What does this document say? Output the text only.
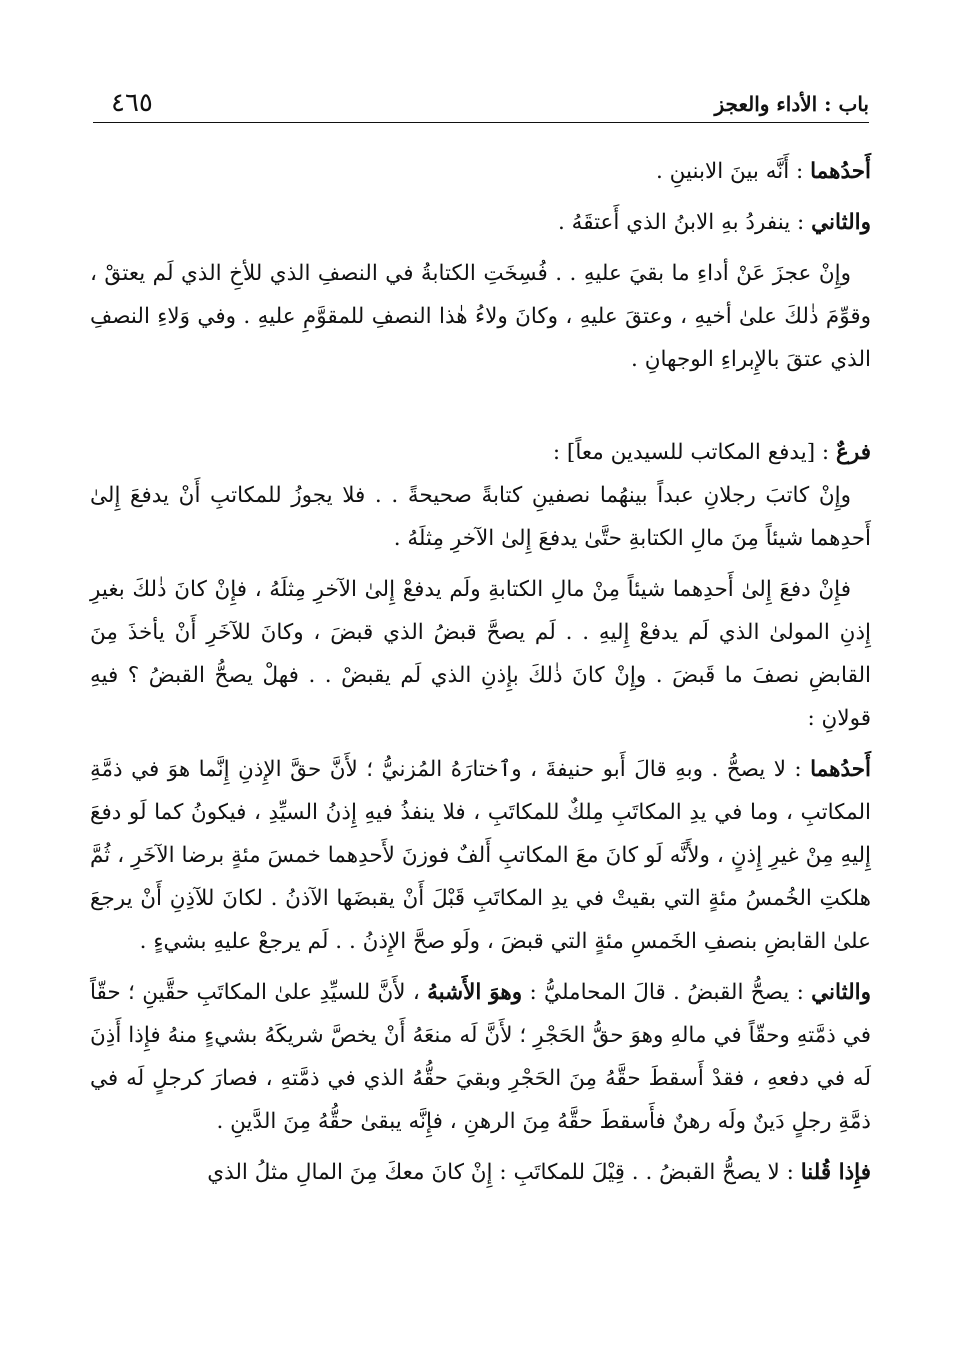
باب : الأداء والعجز
٤٦٥

أَحدُهما : أَنَّه بينَ الابنينِ .

والثاني : ينفردُ بهِ الابنُ الذي أَعتقَهُ .

وإِنْ عجزَ عَنْ أداءِ ما بقيَ عليهِ . . فُسِخَتِ الكتابةُ في النصفِ الذي للأخِ الذي لَم يعتقْ ، وقوِّمَ ذٰلكَ علىٰ أخيهِ ، وعتقَ عليهِ ، وكانَ ولاءُ هٰذا النصفِ للمقوَّمِ عليهِ . وفي وَلاءِ النصفِ الذي عتقَ بالإِبراءِ الوجهانِ .

فرعٌ : [يدفع المكاتب للسيدين معاً] :

وإِنْ كاتبَ رجلانِ عبداً بينهُما نصفينِ كتابةً صحيحةً . . فلا يجوزُ للمكاتبِ أَنْ يدفعَ إِلىٰ أَحدِهما شيئاً مِنَ مالِ الكتابةِ حتَّىٰ يدفعَ إِلىٰ الآخرِ مِثلَهُ .

فإِنْ دفعَ إِلىٰ أَحدِهما شيئاً مِنْ مالِ الكتابةِ ولَم يدفعْ إِلىٰ الآخرِ مِثلَهُ ، فإِنْ كانَ ذٰلكَ بغيرِ إِذنِ المولىٰ الذي لَم يدفعْ إِليهِ . . لَم يصحَّ قبضُ الذي قبضَ ، وكانَ للآخَرِ أَنْ يأخذَ مِنَ القابضِ نصفَ ما قَبضَ . وإِنْ كانَ ذٰلكَ بإِذنِ الذي لَم يقبضْ . . فهلْ يصحُّ القبضُ ؟ فيهِ قولانِ :

أَحدُهما : لا يصحُّ . وبهِ قالَ أَبو حنيفةَ ، وٱختارَهُ المُزنيُّ ؛ لأَنَّ حقَّ الإِذنِ إِنَّما هوَ في ذمَّةِ المكاتبِ ، وما في يدِ المكاتَبِ مِلكٌ للمكاتَبِ ، فلا ينفذُ فيهِ إِذنُ السيِّدِ ، فيكونُ كما لَو دفعَ إِليهِ مِنْ غيرِ إِذنٍ ، ولأَنَّه لَو كانَ معَ المكاتبِ أَلفٌ فوزنَ لأَحدِهما خمسَ مئةٍ برضا الآخَرِ ، ثُمَّ هلكتِ الخُمسُ مئةٍ التي بقيتْ في يدِ المكاتَبِ قَبْلَ أَنْ يقبضَها الآذنُ . لكانَ للآذِنِ أَنْ يرجعَ علىٰ القابضِ بنصفِ الخَمسِ مئةٍ التي قبضَ ، ولَو صحَّ الإِذنُ . . لَم يرجعْ عليهِ بشيءٍ .

والثاني : يصحُّ القبضُ . قالَ المحامليُّ : وهوَ الأَشبهُ ، لأَنَّ للسيِّدِ علىٰ المكاتَبِ حقَّينِ ؛ حقّاً في ذمَّتهِ وحقّاً في مالهِ وهوَ حقُّ الحَجْرِ ؛ لأَنَّ لَه منعَهُ أَنْ يخصَّ شريكَهُ بشيءٍ منهُ فإِذا أَذِنَ لَه في دفعهِ ، فقدْ أَسقطَ حقَّهُ مِنَ الحَجْرِ وبقيَ حقُّهُ الذي في ذمَّتهِ ، فصارَ كرجلٍ لَه في ذمَّةِ رجلٍ دَينٌ ولَه رهنٌ فأَسقطَ حقَّهُ مِنَ الرهنِ ، فإِنَّه يبقىٰ حقُّهُ مِنَ الدَّينِ .

فإِذا قُلنا : لا يصحُّ القبضُ . . قِيْلَ للمكاتَبِ : إِنْ كانَ معكَ مِنَ المالِ مثلُ الذي
